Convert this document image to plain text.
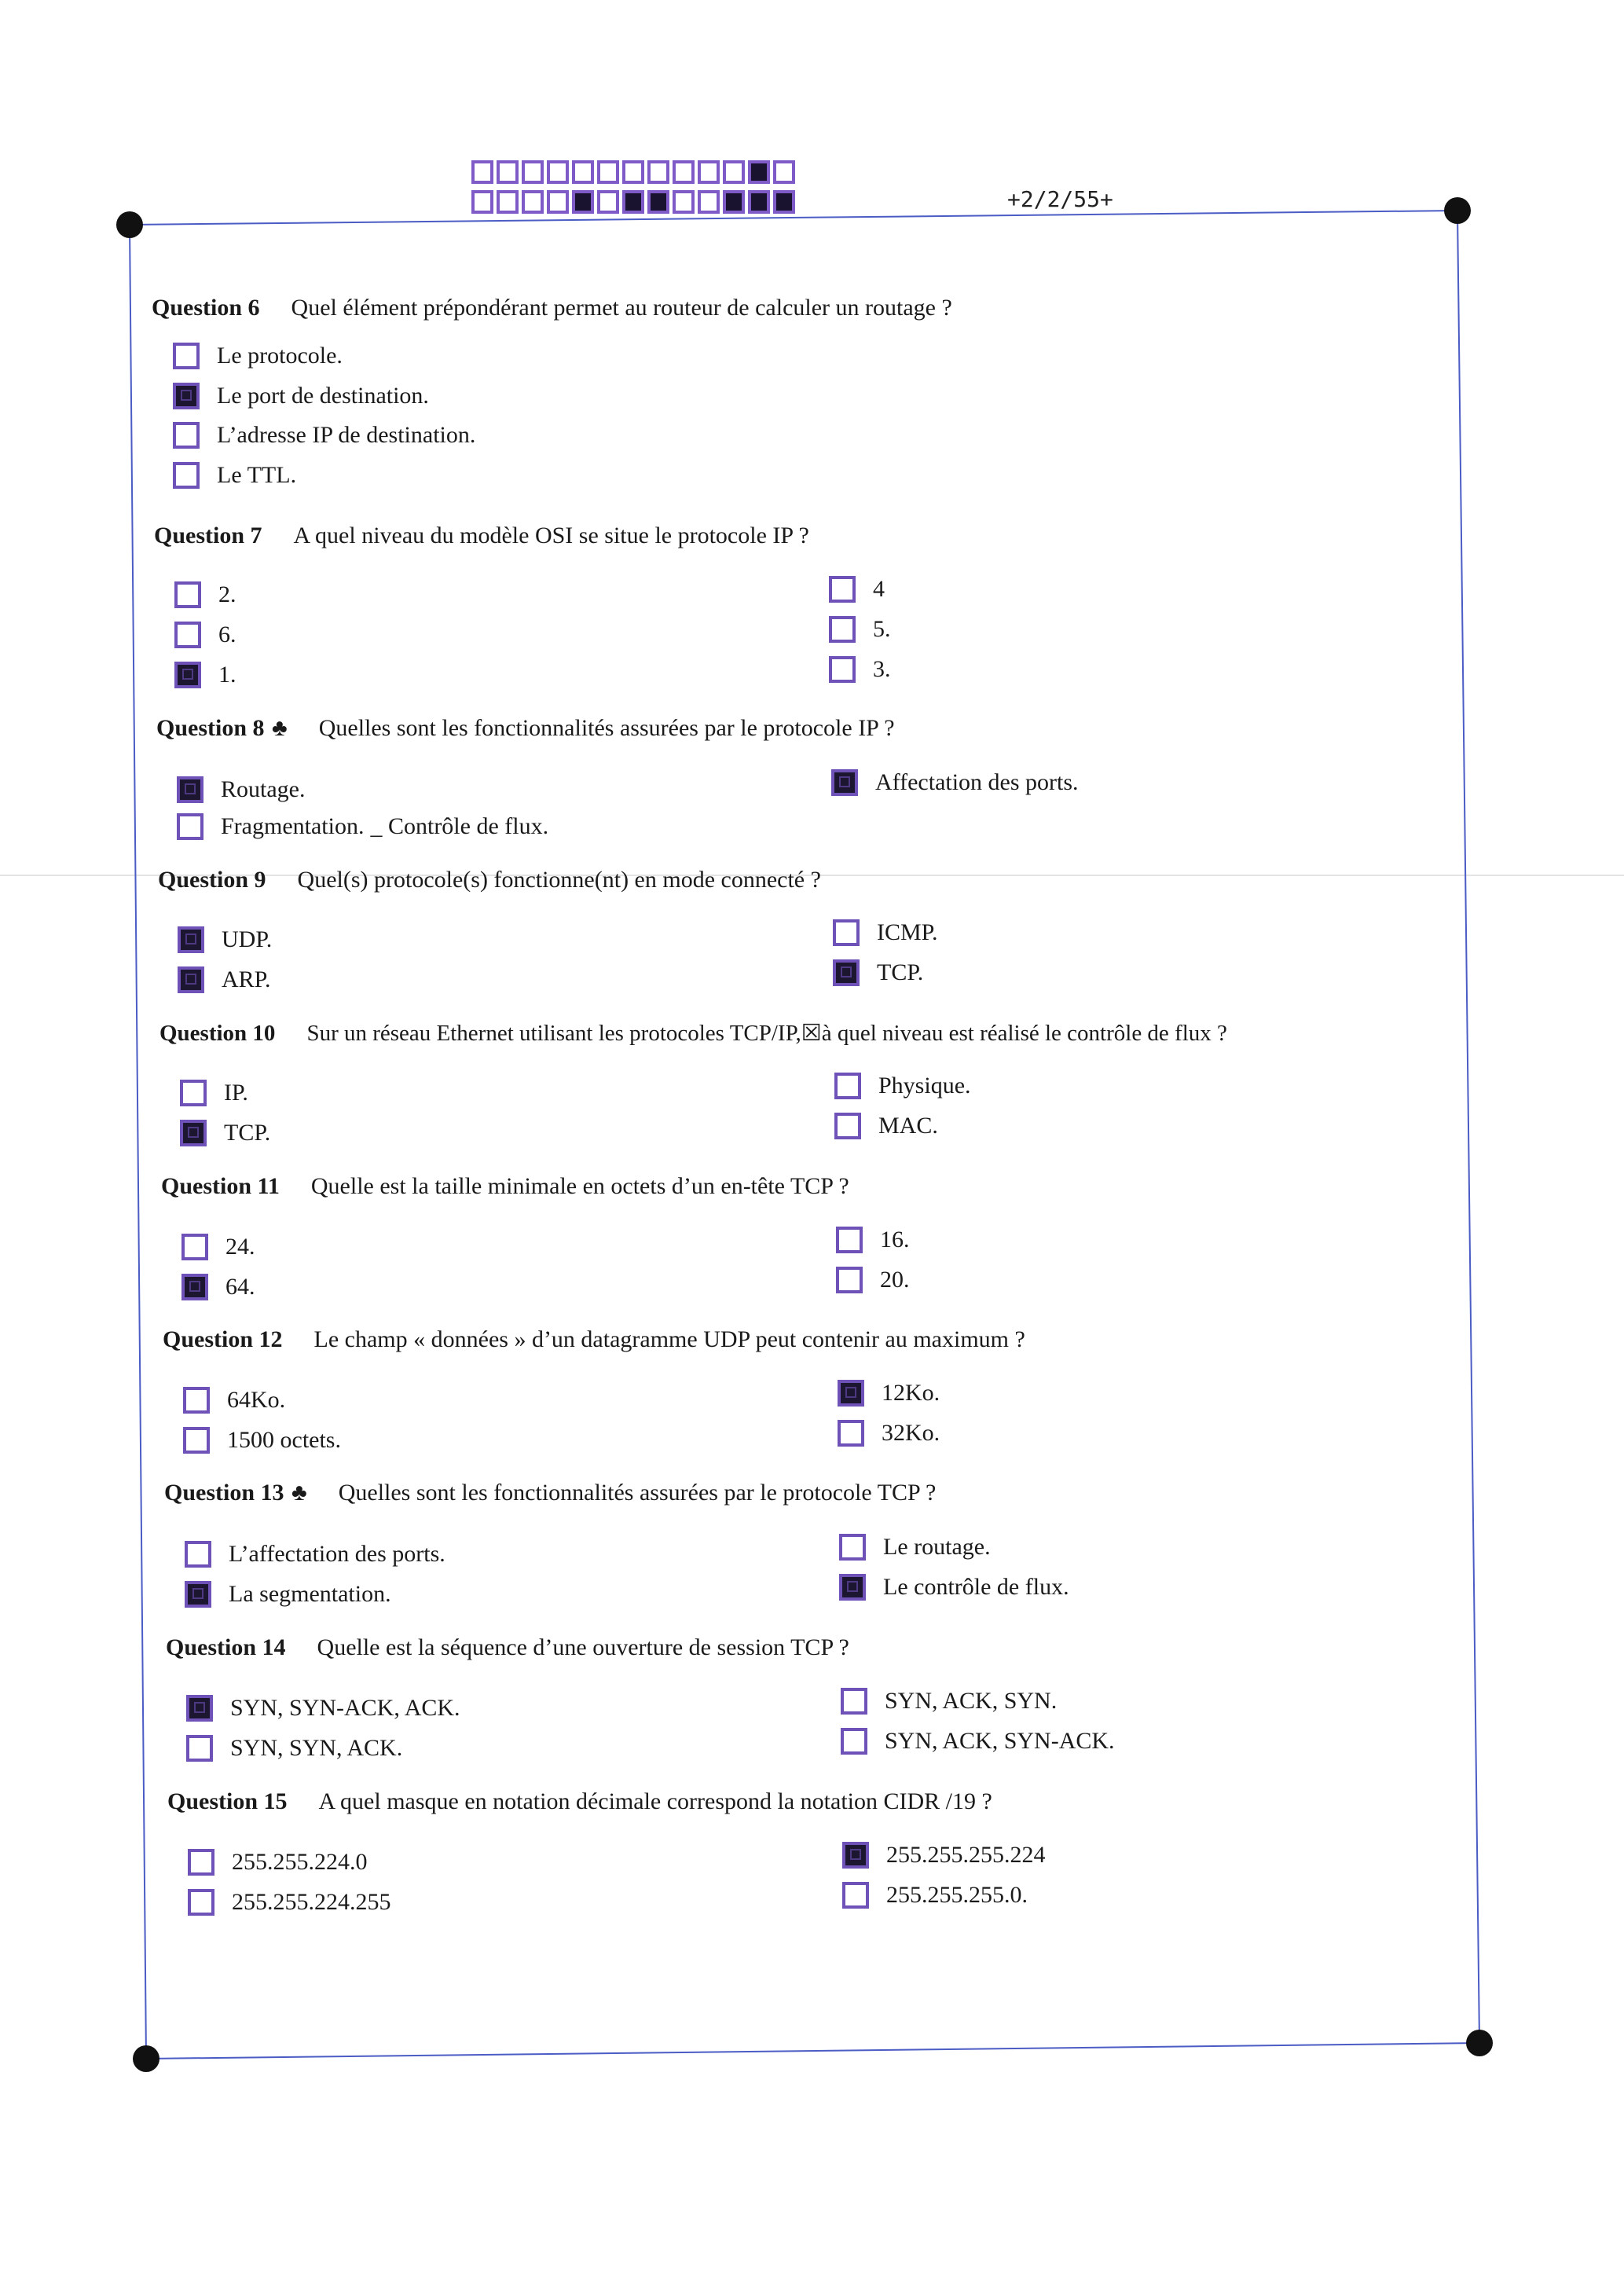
+2/2/55+
Question 6 Quel élément prépondérant permet au routeur de calculer un routage ?
Le protocole.
Le port de destination.
L’adresse IP de destination.
Le TTL.
Question 7 A quel niveau du modèle OSI se situe le protocole IP ?
2.
6.
1.
4
5.
3.
Question 8 ♣ Quelles sont les fonctionnalités assurées par le protocole IP ?
Routage.
Fragmentation. _ Contrôle de flux.
Affectation des ports.
Question 9 Quel(s) protocole(s) fonctionne(nt) en mode connecté ?
UDP.
ARP.
ICMP.
TCP.
Question 10 Sur un réseau Ethernet utilisant les protocoles TCP/IP,☒à quel niveau est réalisé le contrôle de flux ?
IP.
TCP.
Physique.
MAC.
Question 11 Quelle est la taille minimale en octets d’un en-tête TCP ?
24.
64.
16.
20.
Question 12 Le champ « données » d’un datagramme UDP peut contenir au maximum ?
64Ko.
1500 octets.
12Ko.
32Ko.
Question 13 ♣ Quelles sont les fonctionnalités assurées par le protocole TCP ?
L’affectation des ports.
La segmentation.
Le routage.
Le contrôle de flux.
Question 14 Quelle est la séquence d’une ouverture de session TCP ?
SYN, SYN-ACK, ACK.
SYN, SYN, ACK.
SYN, ACK, SYN.
SYN, ACK, SYN-ACK.
Question 15 A quel masque en notation décimale correspond la notation CIDR /19 ?
255.255.224.0
255.255.224.255
255.255.255.224
255.255.255.0.
